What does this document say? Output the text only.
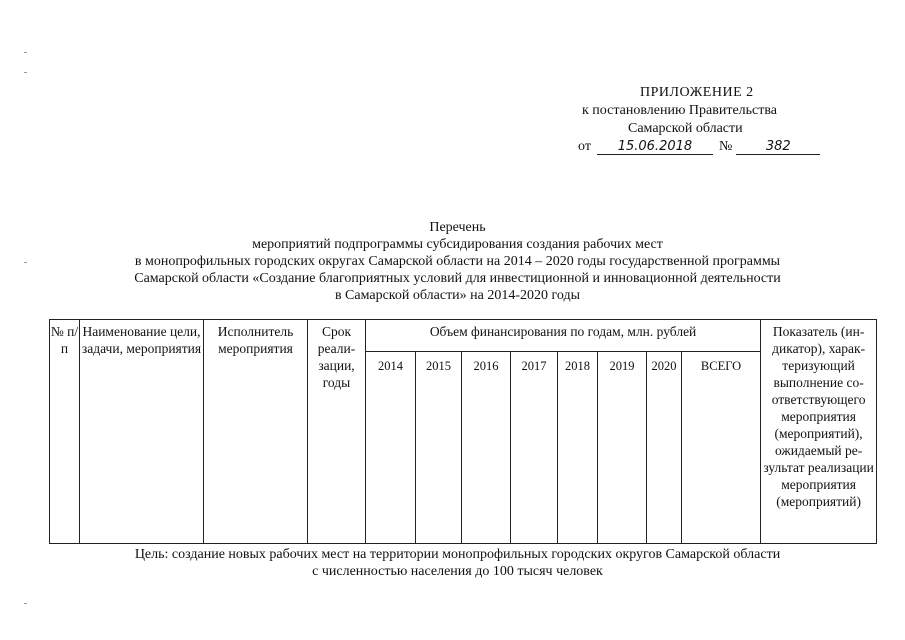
ПРИЛОЖЕНИЕ 2
к постановлению Правительства
Самарской области
от 15.06.2018 №	382
Перечень
мероприятий подпрограммы субсидирования создания рабочих мест
в монопрофильных городских округах Самарской области на 2014 – 2020 годы государственной программы
Самарской области «Создание благоприятных условий для инвестиционной и инновационной деятельности
в Самарской области» на 2014-2020 годы
№ п/п	Наименование цели, задачи, мероприятия	Исполнитель мероприятия	Срок реализации, годы	Объем финансирования по годам, млн. рублей								Показатель (индикатор), характеризующий выполнение соответствующего мероприятия (мероприятий), ожидаемый результат реализации мероприятия (мероприятий)
				2014	2015	2016	2017	2018	2019	2020	ВСЕГО	
Цель: создание новых рабочих мест на территории монопрофильных городских округов Самарской области
с численностью населения до 100 тысяч человек
